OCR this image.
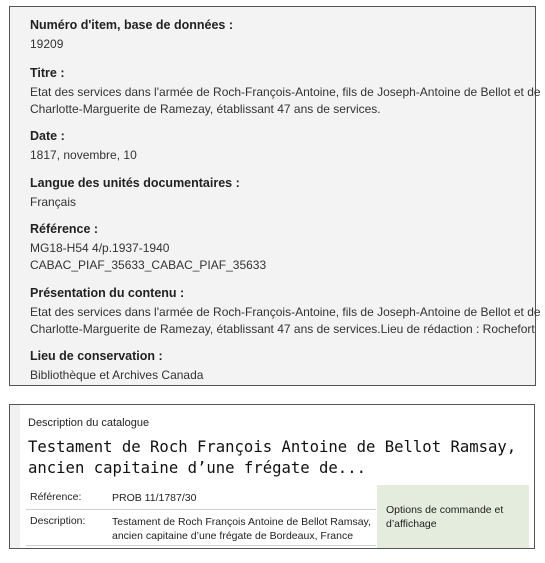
Numéro d'item, base de données :
19209
Titre :
Etat des services dans l'armée de Roch-François-Antoine, fils de Joseph-Antoine de Bellot et de
Charlotte-Marguerite de Ramezay, établissant 47 ans de services.
Date :
1817, novembre, 10
Langue des unités documentaires :
Français
Référence :
MG18-H54 4/p.1937-1940
CABAC_PIAF_35633_CABAC_PIAF_35633
Présentation du contenu :
Etat des services dans l'armée de Roch-François-Antoine, fils de Joseph-Antoine de Bellot et de
Charlotte-Marguerite de Ramezay, établissant 47 ans de services.Lieu de rédaction : Rochefort
Lieu de conservation :
Bibliothèque et Archives Canada
Description du catalogue
Testament de Roch François Antoine de Bellot Ramsay,
ancien capitaine d’une frégate de...
Référence:	PROB 11/1787/30
Description:	Testament de Roch François Antoine de Bellot Ramsay,
ancien capitaine d’une frégate de Bordeaux, France
Options de commande et
d’affichage
